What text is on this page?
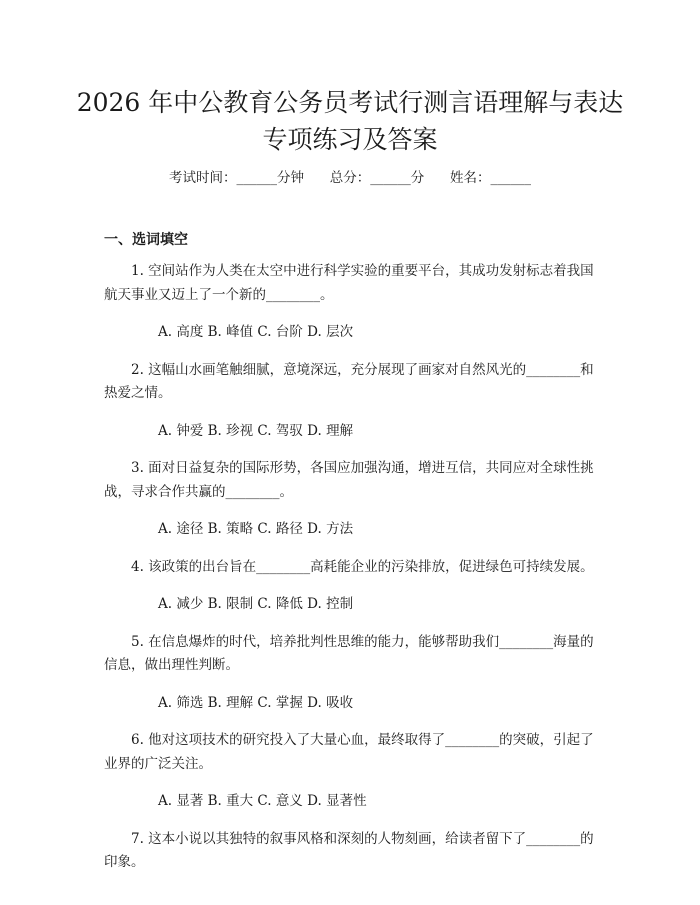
2026 年中公教育公务员考试行测言语理解与表达专项练习及答案
考试时间：______分钟      总分：______分      姓名：______
一、选词填空

1. 空间站作为人类在太空中进行科学实验的重要平台，其成功发射标志着我国航天事业又迈上了一个新的________。

A. 高度 B. 峰值 C. 台阶 D. 层次

2. 这幅山水画笔触细腻，意境深远，充分展现了画家对自然风光的________和热爱之情。

A. 钟爱 B. 珍视 C. 驾驭 D. 理解

3. 面对日益复杂的国际形势，各国应加强沟通，增进互信，共同应对全球性挑战，寻求合作共赢的________。

A. 途径 B. 策略 C. 路径 D. 方法

4. 该政策的出台旨在________高耗能企业的污染排放，促进绿色可持续发展。

A. 减少 B. 限制 C. 降低 D. 控制

5. 在信息爆炸的时代，培养批判性思维的能力，能够帮助我们________海量的信息，做出理性判断。

A. 筛选 B. 理解 C. 掌握 D. 吸收

6. 他对这项技术的研究投入了大量心血，最终取得了________的突破，引起了业界的广泛关注。

A. 显著 B. 重大 C. 意义 D. 显著性

7. 这本小说以其独特的叙事风格和深刻的人物刻画，给读者留下了________的印象。
